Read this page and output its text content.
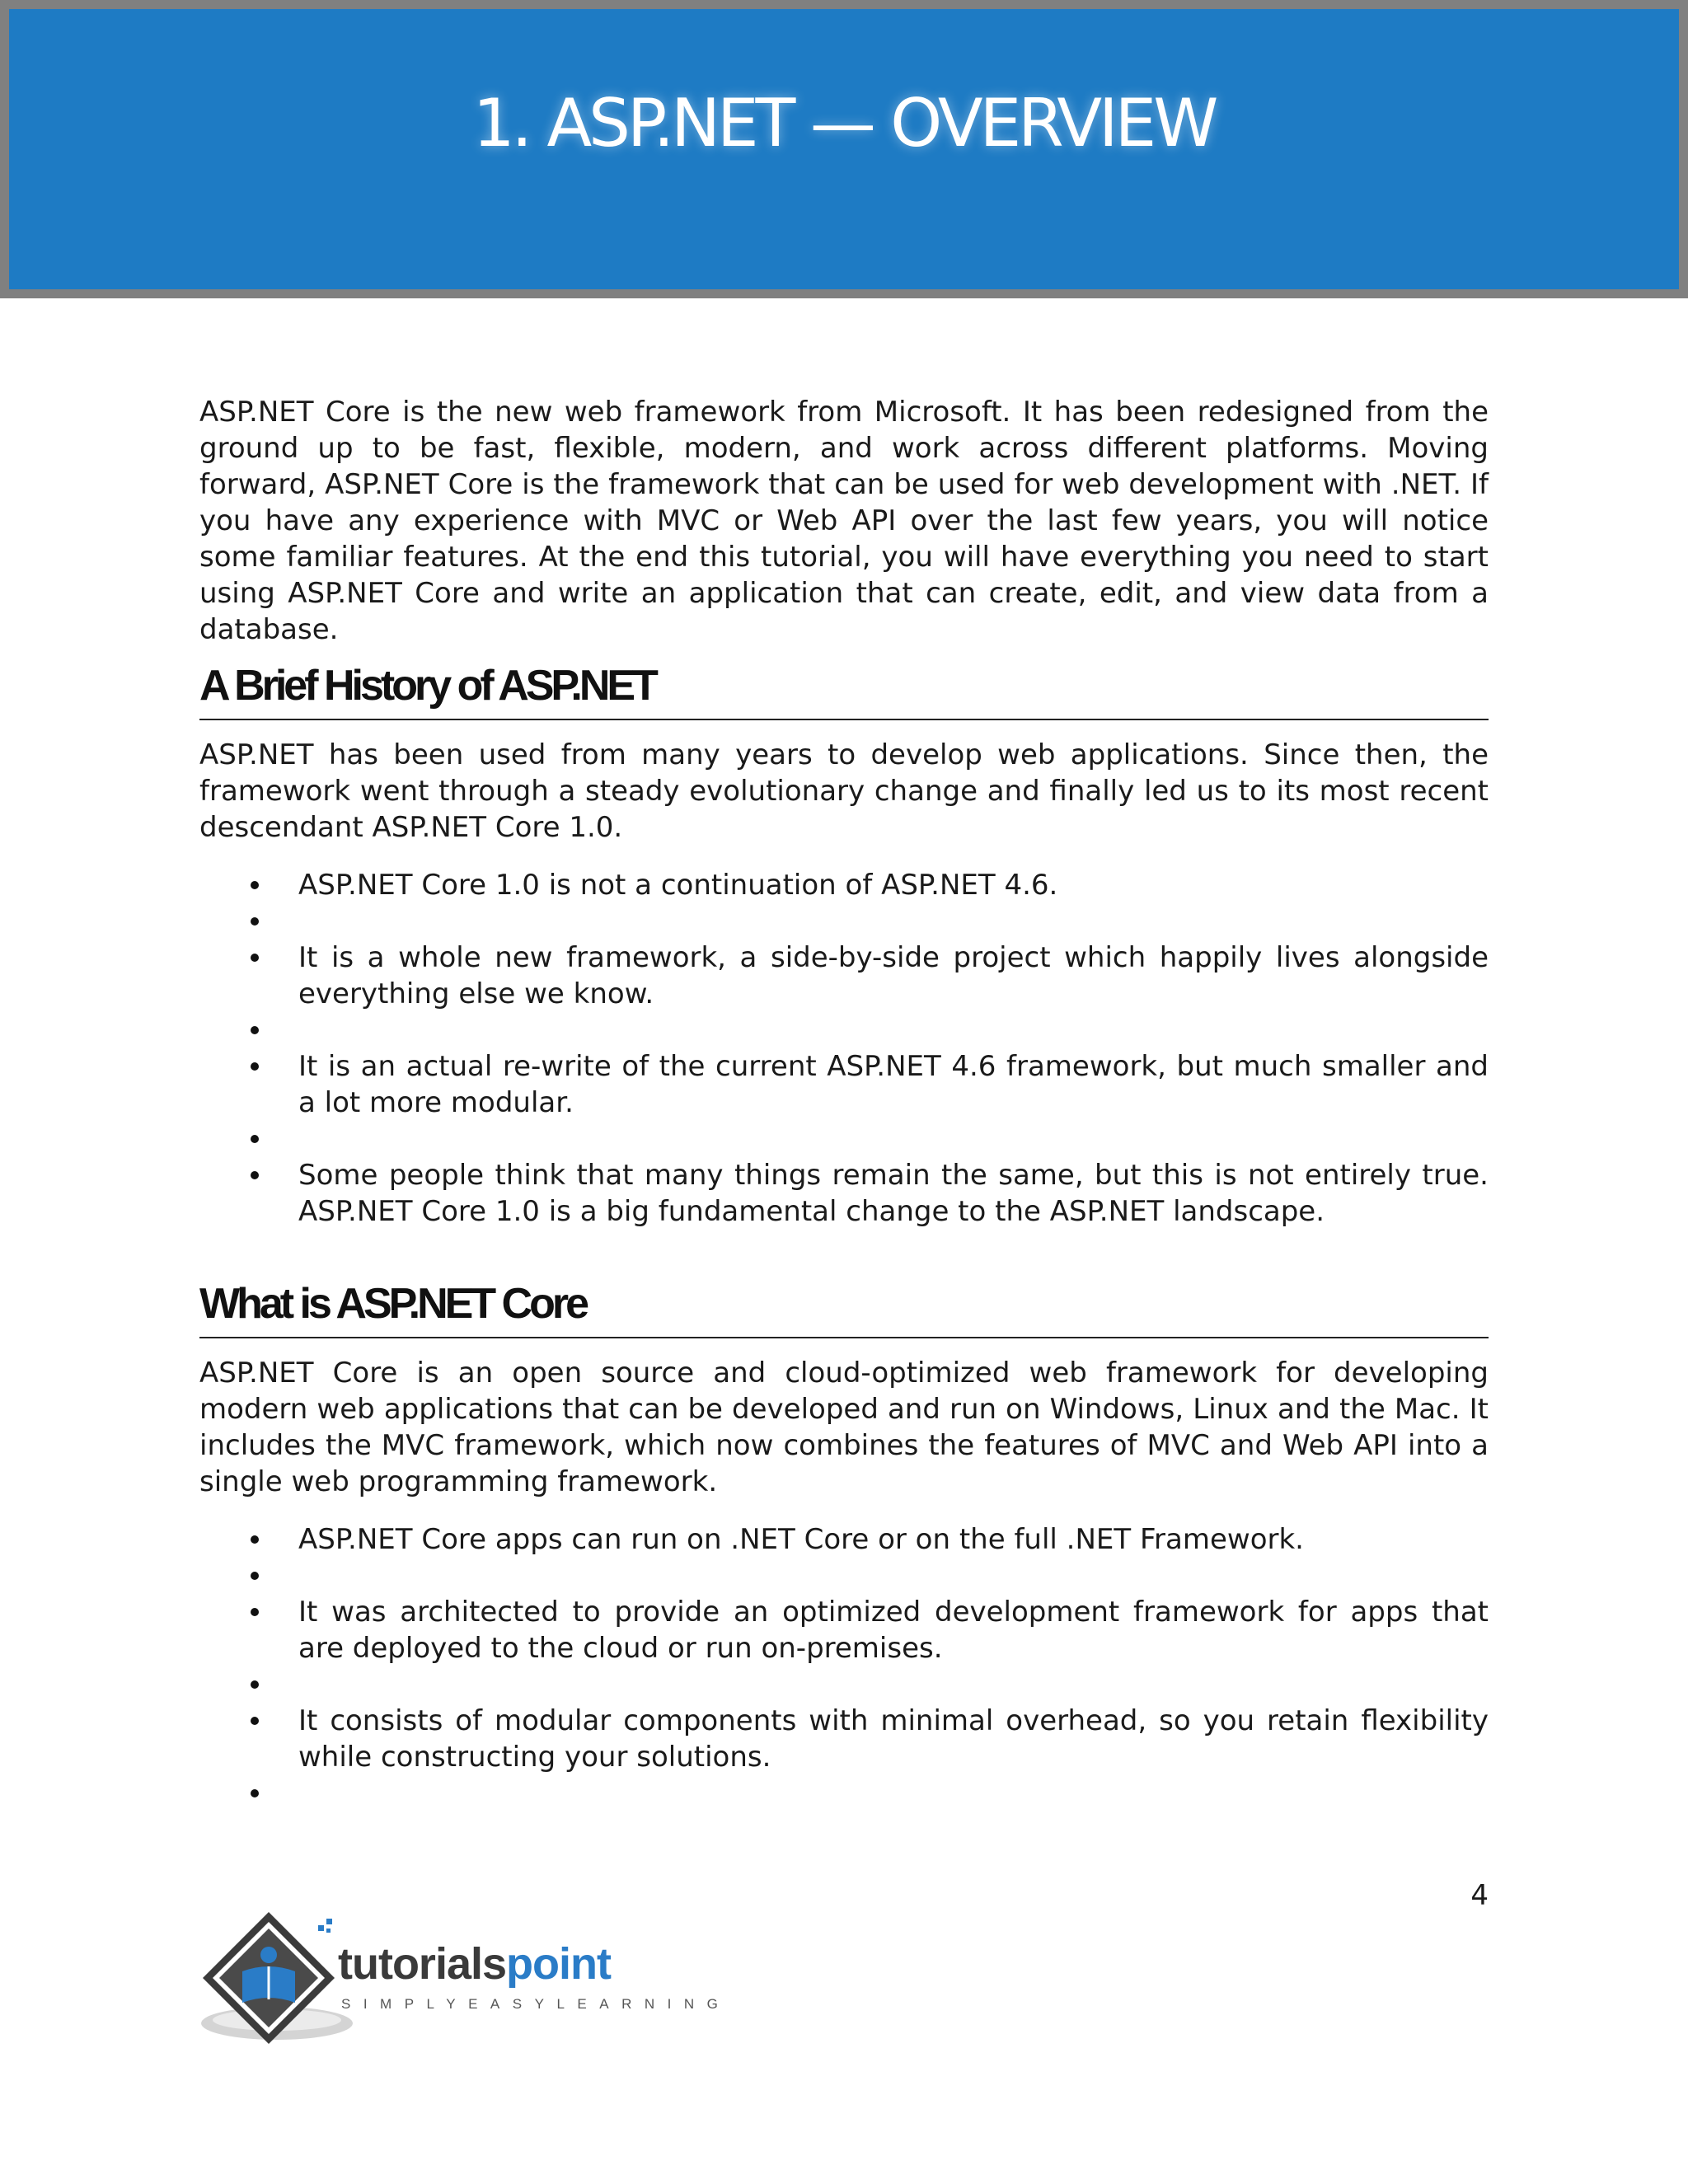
1. ASP.NET — OVERVIEW

ASP.NET Core is the new web framework from Microsoft. It has been redesigned from the ground up to be fast, flexible, modern, and work across different platforms. Moving forward, ASP.NET Core is the framework that can be used for web development with .NET. If you have any experience with MVC or Web API over the last few years, you will notice some familiar features. At the end this tutorial, you will have everything you need to start using ASP.NET Core and write an application that can create, edit, and view data from a database.

A Brief History of ASP.NET

ASP.NET has been used from many years to develop web applications. Since then, the framework went through a steady evolutionary change and finally led us to its most recent descendant ASP.NET Core 1.0.

ASP.NET Core 1.0 is not a continuation of ASP.NET 4.6.
It is a whole new framework, a side-by-side project which happily lives alongside everything else we know.
It is an actual re-write of the current ASP.NET 4.6 framework, but much smaller and a lot more modular.
Some people think that many things remain the same, but this is not entirely true. ASP.NET Core 1.0 is a big fundamental change to the ASP.NET landscape.
What is ASP.NET Core

ASP.NET Core is an open source and cloud-optimized web framework for developing modern web applications that can be developed and run on Windows, Linux and the Mac. It includes the MVC framework, which now combines the features of MVC and Web API into a single web programming framework.

ASP.NET Core apps can run on .NET Core or on the full .NET Framework.
It was architected to provide an optimized development framework for apps that are deployed to the cloud or run on-premises.
It consists of modular components with minimal overhead, so you retain flexibility while constructing your solutions.
4
tutorialspoint
SIMPLYEASYLEARNING
